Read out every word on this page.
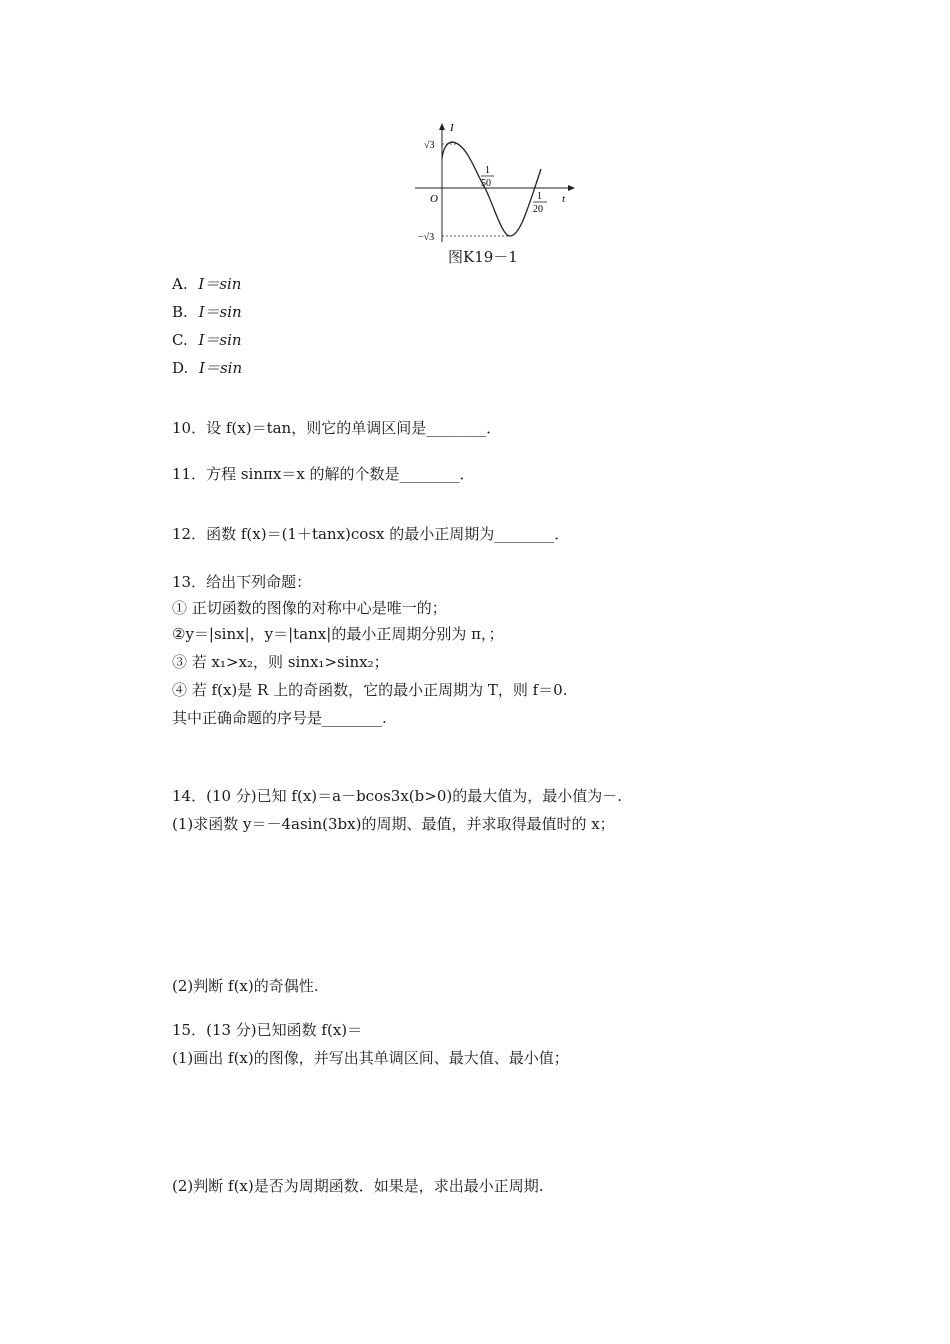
I
t
O
√3
−√3
1
50
1
20
图K19－1
A. I＝sin
B. I＝sin
C. I＝sin
D. I＝sin
10．设 f(x)＝tan，则它的单调区间是________．
11．方程 sinπx＝x 的解的个数是________．
12．函数 f(x)＝(1＋tanx)cosx 的最小正周期为________．
13．给出下列命题：
① 正切函数的图像的对称中心是唯一的；
②y＝|sinx|，y＝|tanx|的最小正周期分别为 π，；
③ 若 x₁>x₂，则 sinx₁>sinx₂；
④ 若 f(x)是 R 上的奇函数，它的最小正周期为 T，则 f＝0.
其中正确命题的序号是________.
14．(10 分)已知 f(x)＝a－bcos3x(b>0)的最大值为，最小值为－.
(1)求函数 y＝－4asin(3bx)的周期、最值，并求取得最值时的 x；
(2)判断 f(x)的奇偶性.
15．(13 分)已知函数 f(x)＝
(1)画出 f(x)的图像，并写出其单调区间、最大值、最小值；
(2)判断 f(x)是否为周期函数．如果是，求出最小正周期.
